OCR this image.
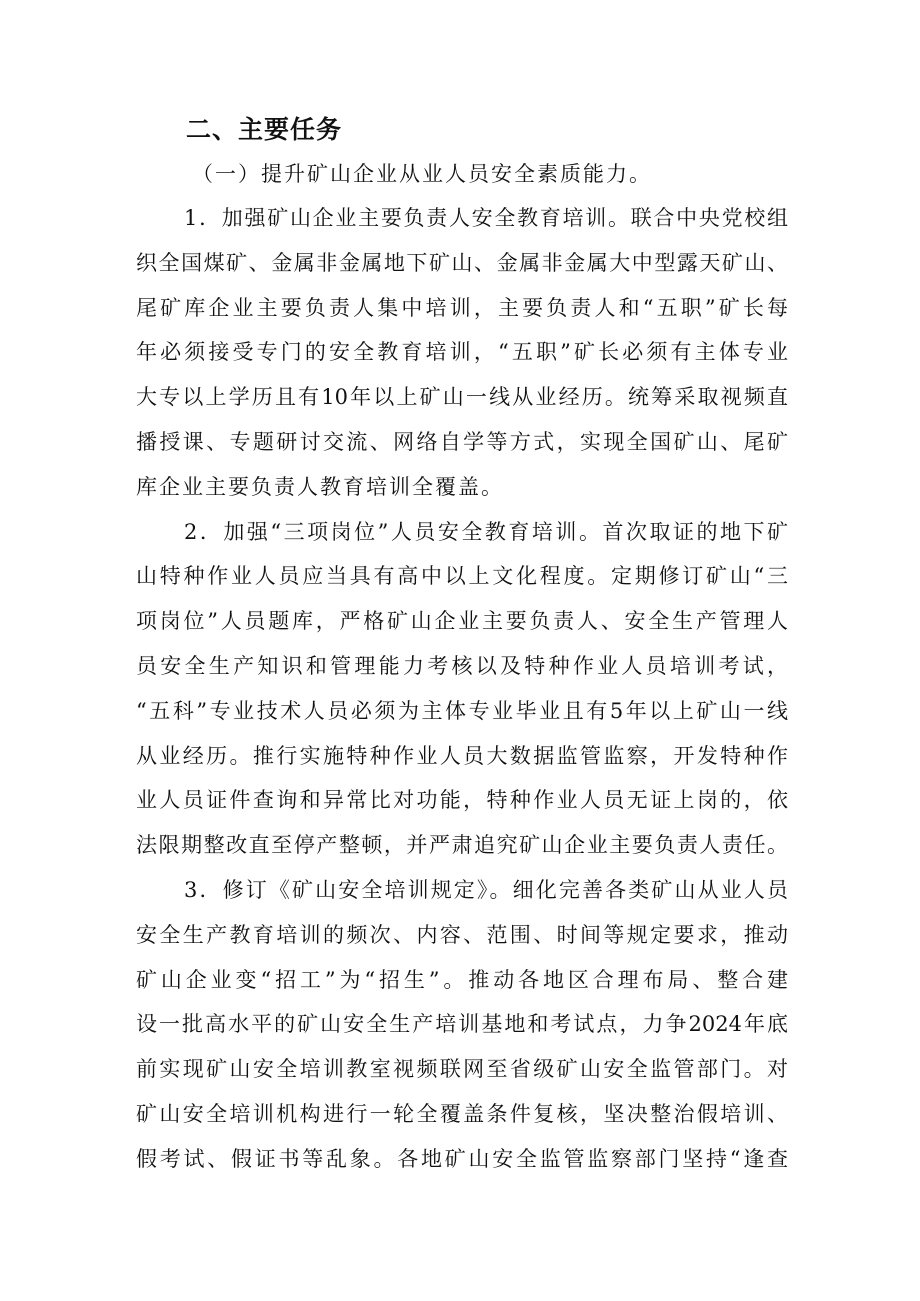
二、主要任务
（一）提升矿山企业从业人员安全素质能力。
1．加强矿山企业主要负责人安全教育培训。联合中央党校组
织全国煤矿、金属非金属地下矿山、金属非金属大中型露天矿山、
尾矿库企业主要负责人集中培训，主要负责人和“五职”矿长每
年必须接受专门的安全教育培训，“五职”矿长必须有主体专业
大专以上学历且有10年以上矿山一线从业经历。统筹采取视频直
播授课、专题研讨交流、网络自学等方式，实现全国矿山、尾矿
库企业主要负责人教育培训全覆盖。
2．加强“三项岗位”人员安全教育培训。首次取证的地下矿
山特种作业人员应当具有高中以上文化程度。定期修订矿山“三
项岗位”人员题库，严格矿山企业主要负责人、安全生产管理人
员安全生产知识和管理能力考核以及特种作业人员培训考试，
“五科”专业技术人员必须为主体专业毕业且有5年以上矿山一线
从业经历。推行实施特种作业人员大数据监管监察，开发特种作
业人员证件查询和异常比对功能，特种作业人员无证上岗的，依
法限期整改直至停产整顿，并严肃追究矿山企业主要负责人责任。
3．修订《矿山安全培训规定》。细化完善各类矿山从业人员
安全生产教育培训的频次、内容、范围、时间等规定要求，推动
矿山企业变“招工”为“招生”。推动各地区合理布局、整合建
设一批高水平的矿山安全生产培训基地和考试点，力争2024年底
前实现矿山安全培训教室视频联网至省级矿山安全监管部门。对
矿山安全培训机构进行一轮全覆盖条件复核，坚决整治假培训、
假考试、假证书等乱象。各地矿山安全监管监察部门坚持“逢查
